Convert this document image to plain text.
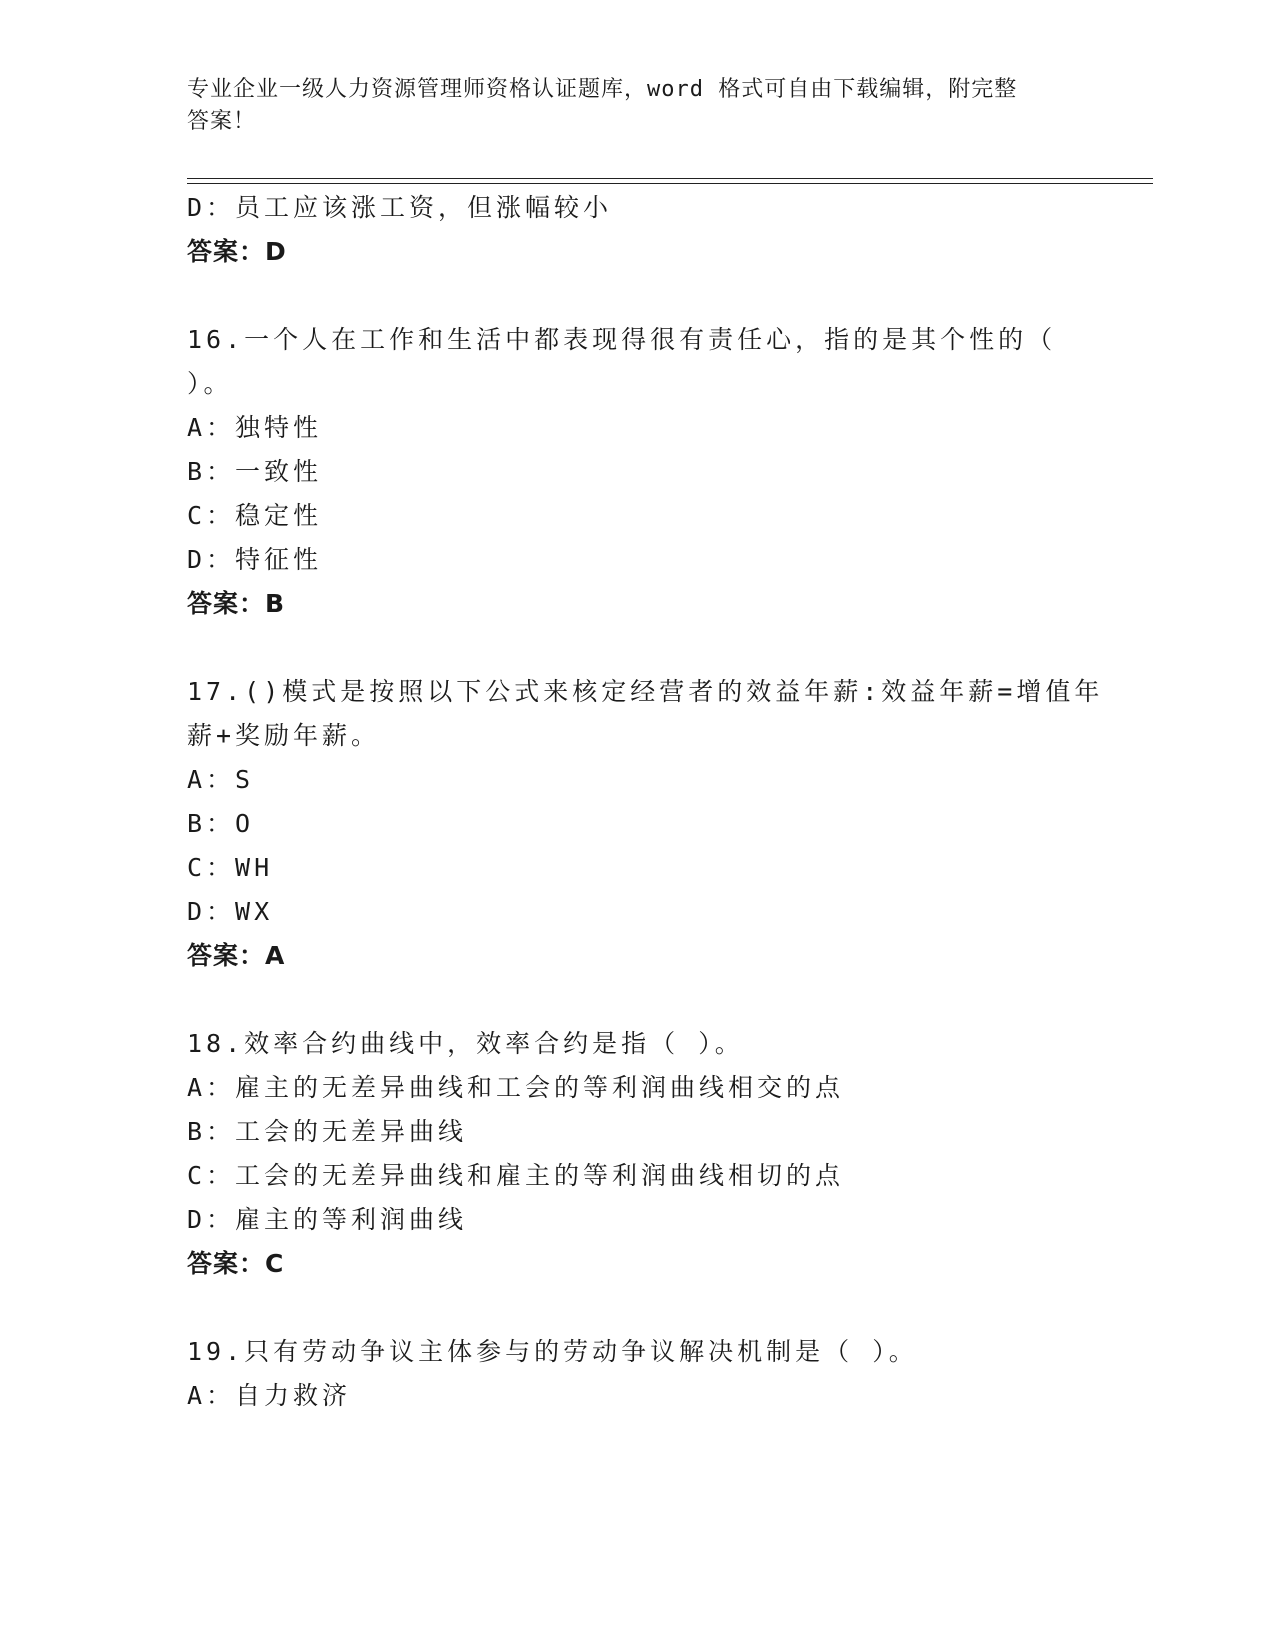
专业企业一级人力资源管理师资格认证题库，word 格式可自由下载编辑，附完整
答案！
D：员工应该涨工资，但涨幅较小
答案：D
16.一个人在工作和生活中都表现得很有责任心，指的是其个性的（
）。
A：独特性
B：一致性
C：稳定性
D：特征性
答案：B
17.()模式是按照以下公式来核定经营者的效益年薪:效益年薪=增值年
薪+奖励年薪。
A：S
B：O
C：WH
D：WX
答案：A
18.效率合约曲线中，效率合约是指（ ）。
A：雇主的无差异曲线和工会的等利润曲线相交的点
B：工会的无差异曲线
C：工会的无差异曲线和雇主的等利润曲线相切的点
D：雇主的等利润曲线
答案：C
19.只有劳动争议主体参与的劳动争议解决机制是（ ）。
A：自力救济
